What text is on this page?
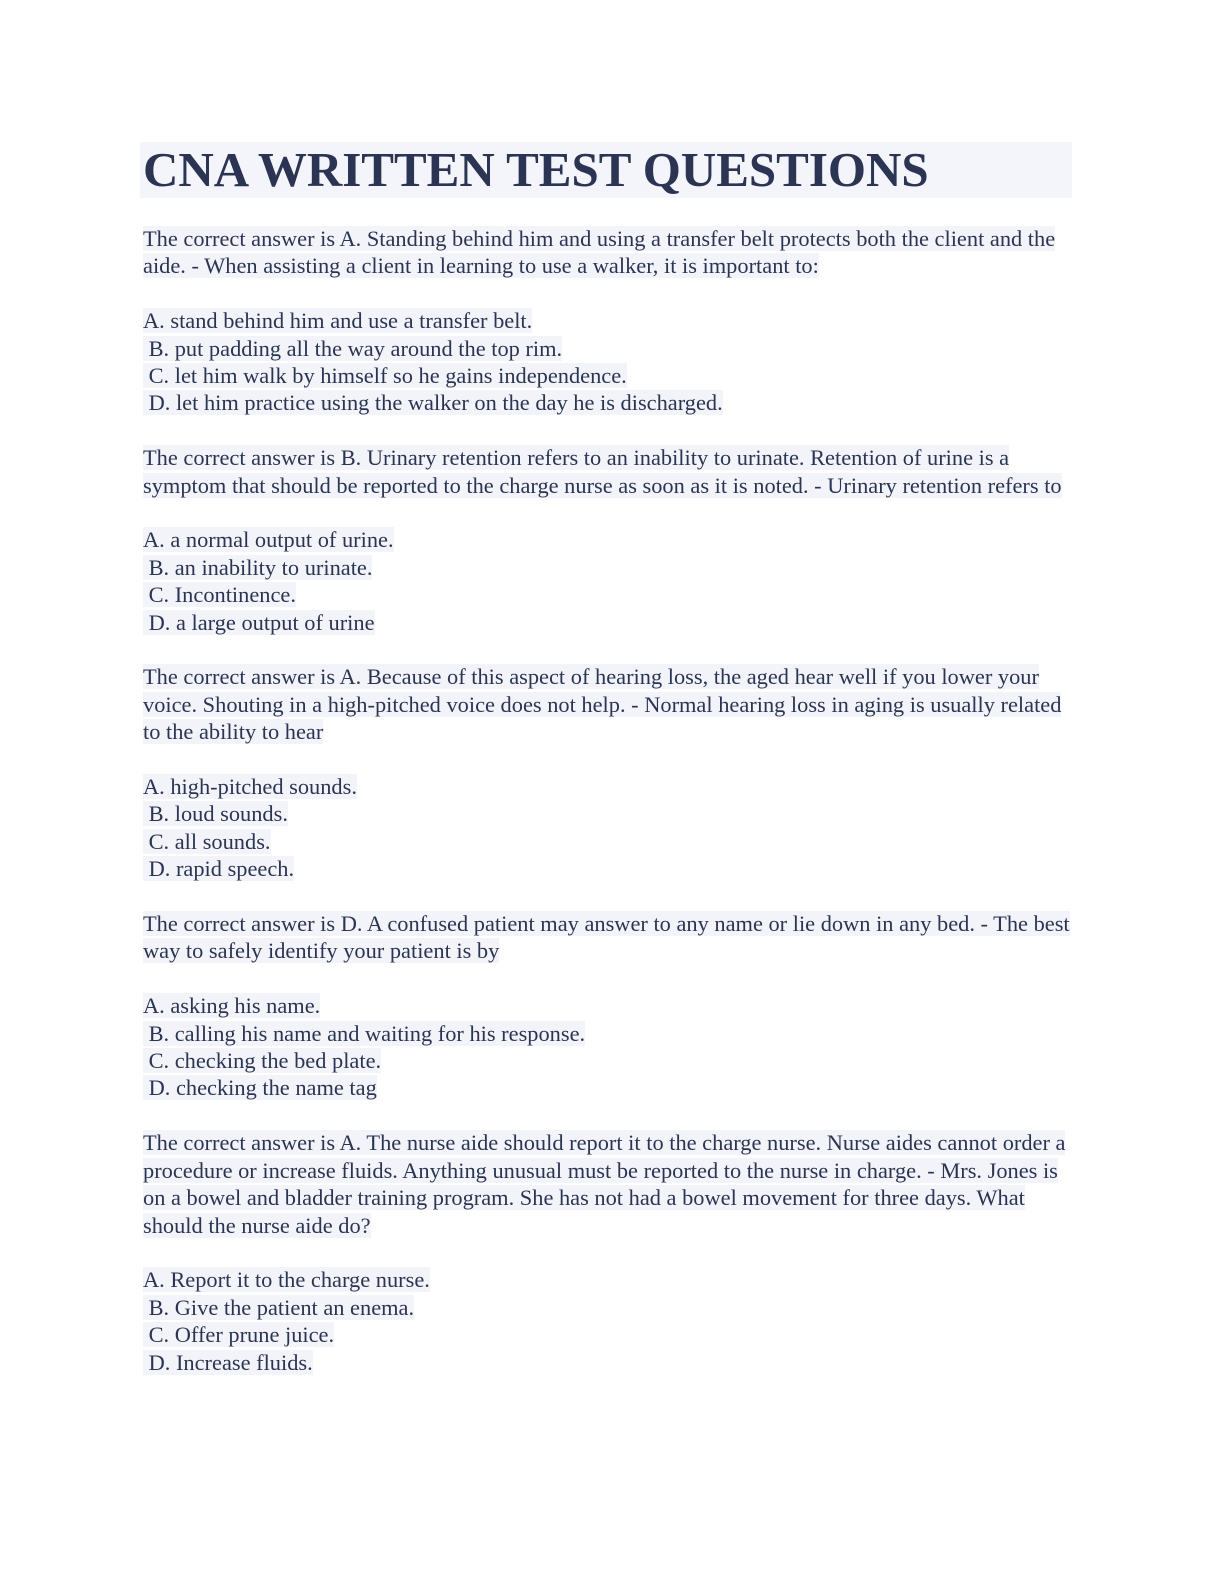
CNA WRITTEN TEST QUESTIONS

The correct answer is A. Standing behind him and using a transfer belt protects both the client and the aide. - When assisting a client in learning to use a walker, it is important to:

A. stand behind him and use a transfer belt.
B. put padding all the way around the top rim.
C. let him walk by himself so he gains independence.
D. let him practice using the walker on the day he is discharged.

The correct answer is B. Urinary retention refers to an inability to urinate. Retention of urine is a symptom that should be reported to the charge nurse as soon as it is noted. - Urinary retention refers to

A. a normal output of urine.
B. an inability to urinate.
C. Incontinence.
D. a large output of urine

The correct answer is A. Because of this aspect of hearing loss, the aged hear well if you lower your voice. Shouting in a high-pitched voice does not help. - Normal hearing loss in aging is usually related to the ability to hear

A. high-pitched sounds.
B. loud sounds.
C. all sounds.
D. rapid speech.

The correct answer is D. A confused patient may answer to any name or lie down in any bed. - The best way to safely identify your patient is by

A. asking his name.
B. calling his name and waiting for his response.
C. checking the bed plate.
D. checking the name tag

The correct answer is A. The nurse aide should report it to the charge nurse. Nurse aides cannot order a procedure or increase fluids. Anything unusual must be reported to the nurse in charge. - Mrs. Jones is on a bowel and bladder training program. She has not had a bowel movement for three days. What should the nurse aide do?

A. Report it to the charge nurse.
B. Give the patient an enema.
C. Offer prune juice.
D. Increase fluids.
